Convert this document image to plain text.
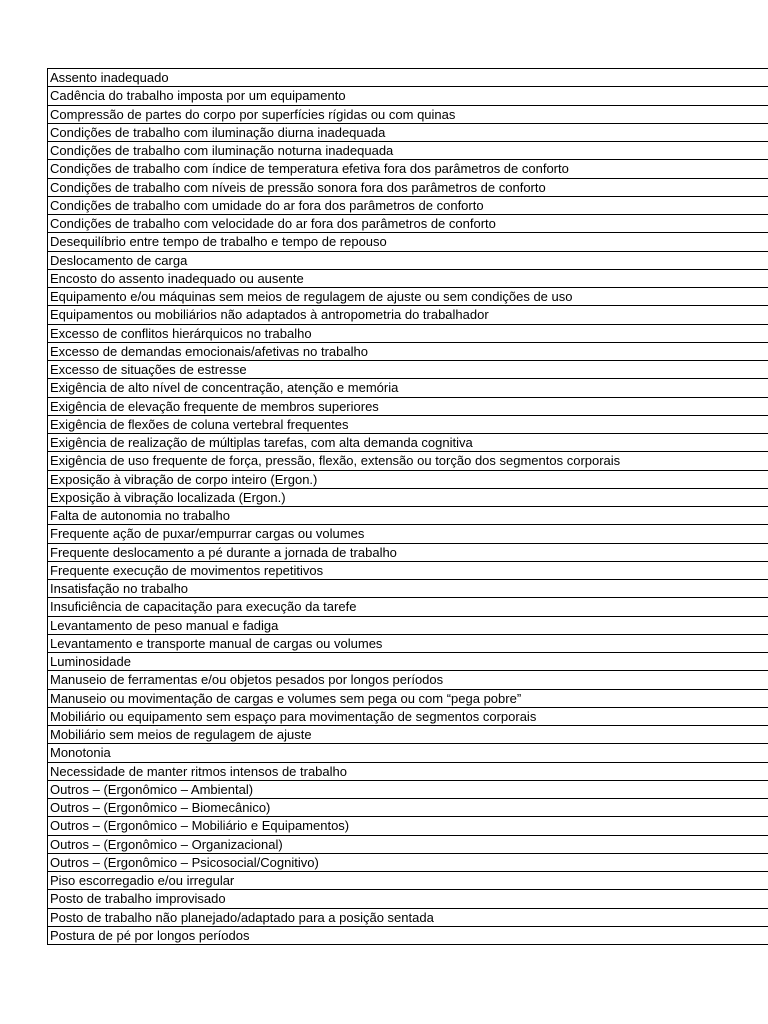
Assento inadequado
Cadência do trabalho imposta por um equipamento
Compressão de partes do corpo por superfícies rígidas ou com quinas
Condições de trabalho com iluminação diurna inadequada
Condições de trabalho com iluminação noturna inadequada
Condições de trabalho com índice de temperatura efetiva fora dos parâmetros de conforto
Condições de trabalho com níveis de pressão sonora fora dos parâmetros de conforto
Condições de trabalho com umidade do ar fora dos parâmetros de conforto
Condições de trabalho com velocidade do ar fora dos parâmetros de conforto
Desequilíbrio entre tempo de trabalho e tempo de repouso
Deslocamento de carga
Encosto do assento inadequado ou ausente
Equipamento e/ou máquinas sem meios de regulagem de ajuste ou sem condições de uso
Equipamentos ou mobiliários não adaptados à antropometria do trabalhador
Excesso de conflitos hierárquicos no trabalho
Excesso de demandas emocionais/afetivas no trabalho
Excesso de situações de estresse
Exigência de alto nível de concentração, atenção e memória
Exigência de elevação frequente de membros superiores
Exigência de flexões de coluna vertebral frequentes
Exigência de realização de múltiplas tarefas, com alta demanda cognitiva
Exigência de uso frequente de força, pressão, flexão, extensão ou torção dos segmentos corporais
Exposição à vibração de corpo inteiro (Ergon.)
Exposição à vibração localizada (Ergon.)
Falta de autonomia no trabalho
Frequente ação de puxar/empurrar cargas ou volumes
Frequente deslocamento a pé durante a jornada de trabalho
Frequente execução de movimentos repetitivos
Insatisfação no trabalho
Insuficiência de capacitação para execução da tarefe
Levantamento de peso manual e fadiga
Levantamento e transporte manual de cargas ou volumes
Luminosidade
Manuseio de ferramentas e/ou objetos pesados por longos períodos
Manuseio ou movimentação de cargas e volumes sem pega ou com “pega pobre”
Mobiliário ou equipamento sem espaço para movimentação de segmentos corporais
Mobiliário sem meios de regulagem de ajuste
Monotonia
Necessidade de manter ritmos intensos de trabalho
Outros – (Ergonômico – Ambiental)
Outros – (Ergonômico – Biomecânico)
Outros – (Ergonômico – Mobiliário e Equipamentos)
Outros – (Ergonômico – Organizacional)
Outros – (Ergonômico – Psicosocial/Cognitivo)
Piso escorregadio e/ou irregular
Posto de trabalho improvisado
Posto de trabalho não planejado/adaptado para a posição sentada
Postura de pé por longos períodos
